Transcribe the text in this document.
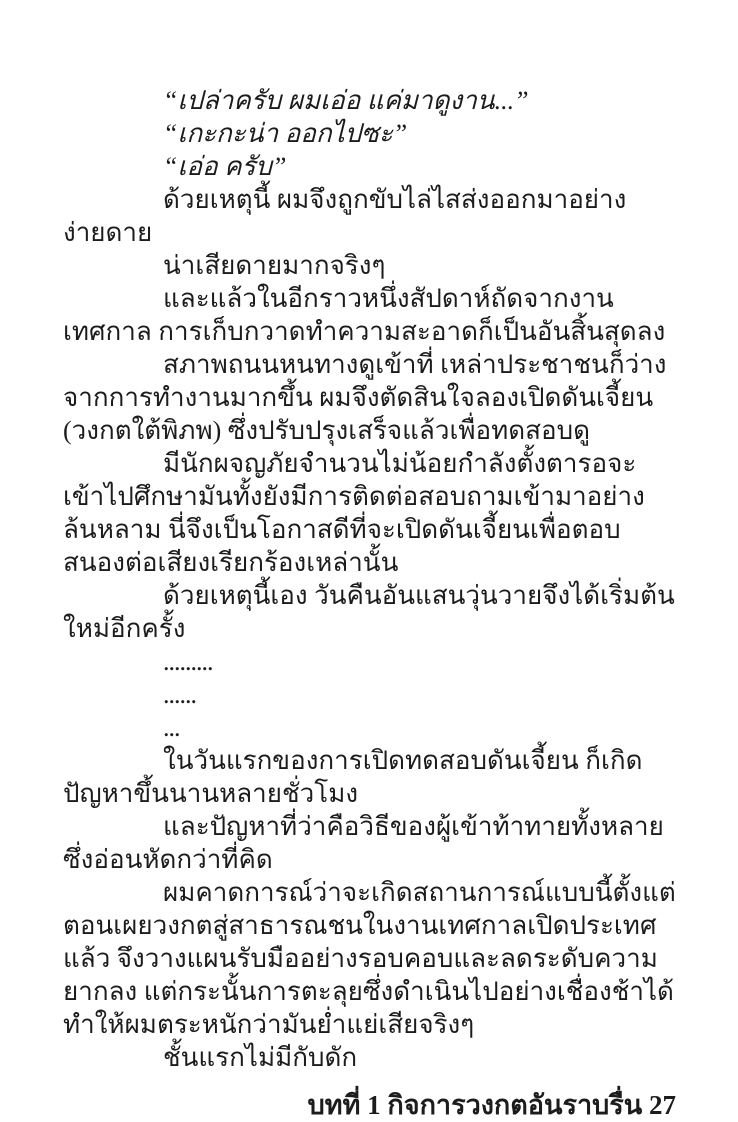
“เปล่าครับ ผมเอ่อ แค่มาดูงาน...”

“เกะกะน่า ออกไปซะ”

“เอ่อ ครับ”

ด้วยเหตุนี้ ผมจึงถูกขับไล่ไสส่งออกมาอย่างง่ายดาย

น่าเสียดายมากจริงๆ

และแล้วในอีกราวหนึ่งสัปดาห์ถัดจากงานเทศกาล การเก็บกวาด​ทำความสะอาดก็เป็นอันสิ้นสุดลง

สภาพถนนหนทางดูเข้าที่ เหล่าประชาชนก็ว่างจากการทำงาน​มากขึ้น ผมจึงตัดสินใจลองเปิดดันเจี้ยน (วงกตใต้พิภพ) ซึ่งปรับปรุงเสร็จ​แล้วเพื่อทดสอบดู

มีนักผจญภัยจำนวนไม่น้อยกำลังตั้งตารอจะเข้าไปศึกษามัน​ทั้งยังมีการติดต่อสอบถามเข้ามาอย่างล้นหลาม นี่จึงเป็นโอกาสดีที่จะเปิด​ดันเจี้ยนเพื่อตอบสนองต่อเสียงเรียกร้องเหล่านั้น

ด้วยเหตุนี้เอง วันคืนอันแสนวุ่นวายจึงได้เริ่มต้นใหม่อีกครั้ง

.........

......

...

ในวันแรกของการเปิดทดสอบดันเจี้ยน ก็เกิดปัญหาขึ้นนาน​หลายชั่วโมง

และปัญหาที่ว่าคือวิธีของผู้เข้าท้าทายทั้งหลาย ซึ่งอ่อนหัดกว่าที่คิด

ผมคาดการณ์ว่าจะเกิดสถานการณ์แบบนี้ตั้งแต่ตอนเผยวงกตสู่​สาธารณชนในงานเทศกาลเปิดประเทศแล้ว จึงวางแผนรับมืออย่างรอบคอบ​และลดระดับความยากลง แต่กระนั้นการตะลุยซึ่งดำเนินไปอย่างเชื่องช้า​ได้ทำให้ผมตระหนักว่ามันย่ำแย่เสียจริงๆ

ชั้นแรกไม่มีกับดัก

บทที่ 1 กิจการวงกตอันราบรื่น 27
